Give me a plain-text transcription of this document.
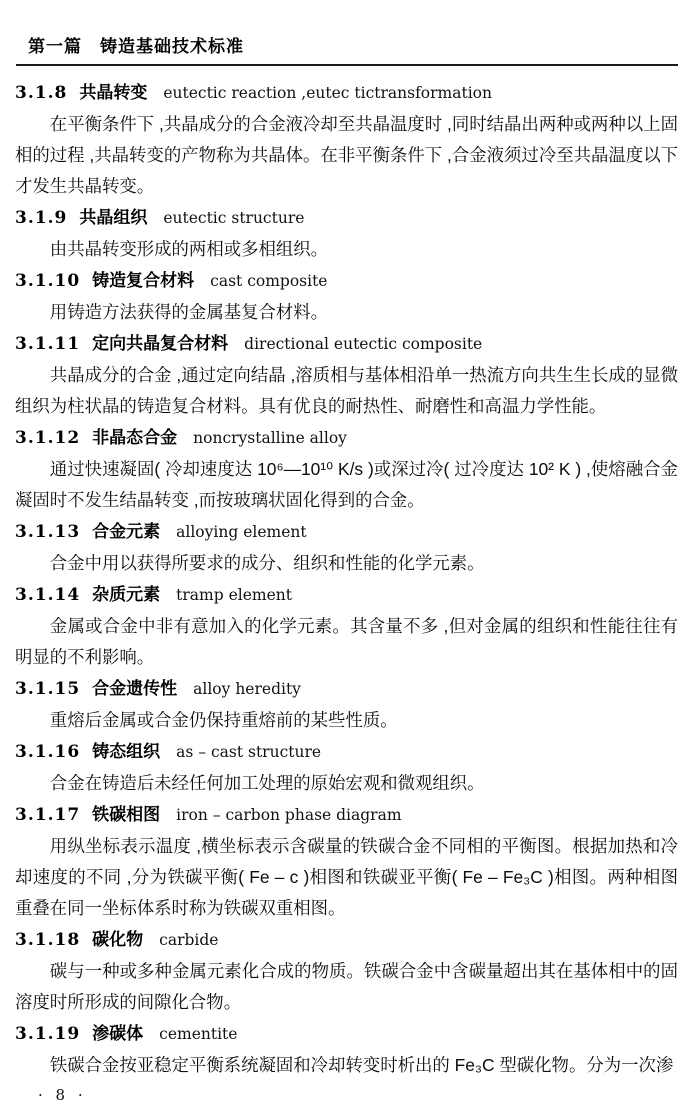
第一篇　铸造基础技术标准
3.1.8 共晶转变 eutectic reaction ,eutec tictransformation

在平衡条件下 ,共晶成分的合金液冷却至共晶温度时 ,同时结晶出两种或两种以上固相的过程 ,共晶转变的产物称为共晶体。在非平衡条件下 ,合金液须过冷至共晶温度以下才发生共晶转变。

3.1.9 共晶组织 eutectic structure

由共晶转变形成的两相或多相组织。

3.1.10 铸造复合材料 cast composite

用铸造方法获得的金属基复合材料。

3.1.11 定向共晶复合材料 directional eutectic composite

共晶成分的合金 ,通过定向结晶 ,溶质相与基体相沿单一热流方向共生生长成的显微组织为柱状晶的铸造复合材料。具有优良的耐热性、耐磨性和高温力学性能。

3.1.12 非晶态合金 noncrystalline alloy

通过快速凝固( 冷却速度达 10⁶—10¹⁰ K/s )或深过冷( 过冷度达 10² K ) ,使熔融合金凝固时不发生结晶转变 ,而按玻璃状固化得到的合金。

3.1.13 合金元素 alloying element

合金中用以获得所要求的成分、组织和性能的化学元素。

3.1.14 杂质元素 tramp element

金属或合金中非有意加入的化学元素。其含量不多 ,但对金属的组织和性能往往有明显的不利影响。

3.1.15 合金遗传性 alloy heredity

重熔后金属或合金仍保持重熔前的某些性质。

3.1.16 铸态组织 as – cast structure

合金在铸造后未经任何加工处理的原始宏观和微观组织。

3.1.17 铁碳相图 iron – carbon phase diagram

用纵坐标表示温度 ,横坐标表示含碳量的铁碳合金不同相的平衡图。根据加热和冷却速度的不同 ,分为铁碳平衡( Fe – c )相图和铁碳亚平衡( Fe – Fe₃C )相图。两种相图重叠在同一坐标体系时称为铁碳双重相图。

3.1.18 碳化物 carbide

碳与一种或多种金属元素化合成的物质。铁碳合金中含碳量超出其在基体相中的固溶度时所形成的间隙化合物。

3.1.19 渗碳体 cementite

铁碳合金按亚稳定平衡系统凝固和冷却转变时析出的 Fe₃C 型碳化物。分为一次渗

· 8 ·
